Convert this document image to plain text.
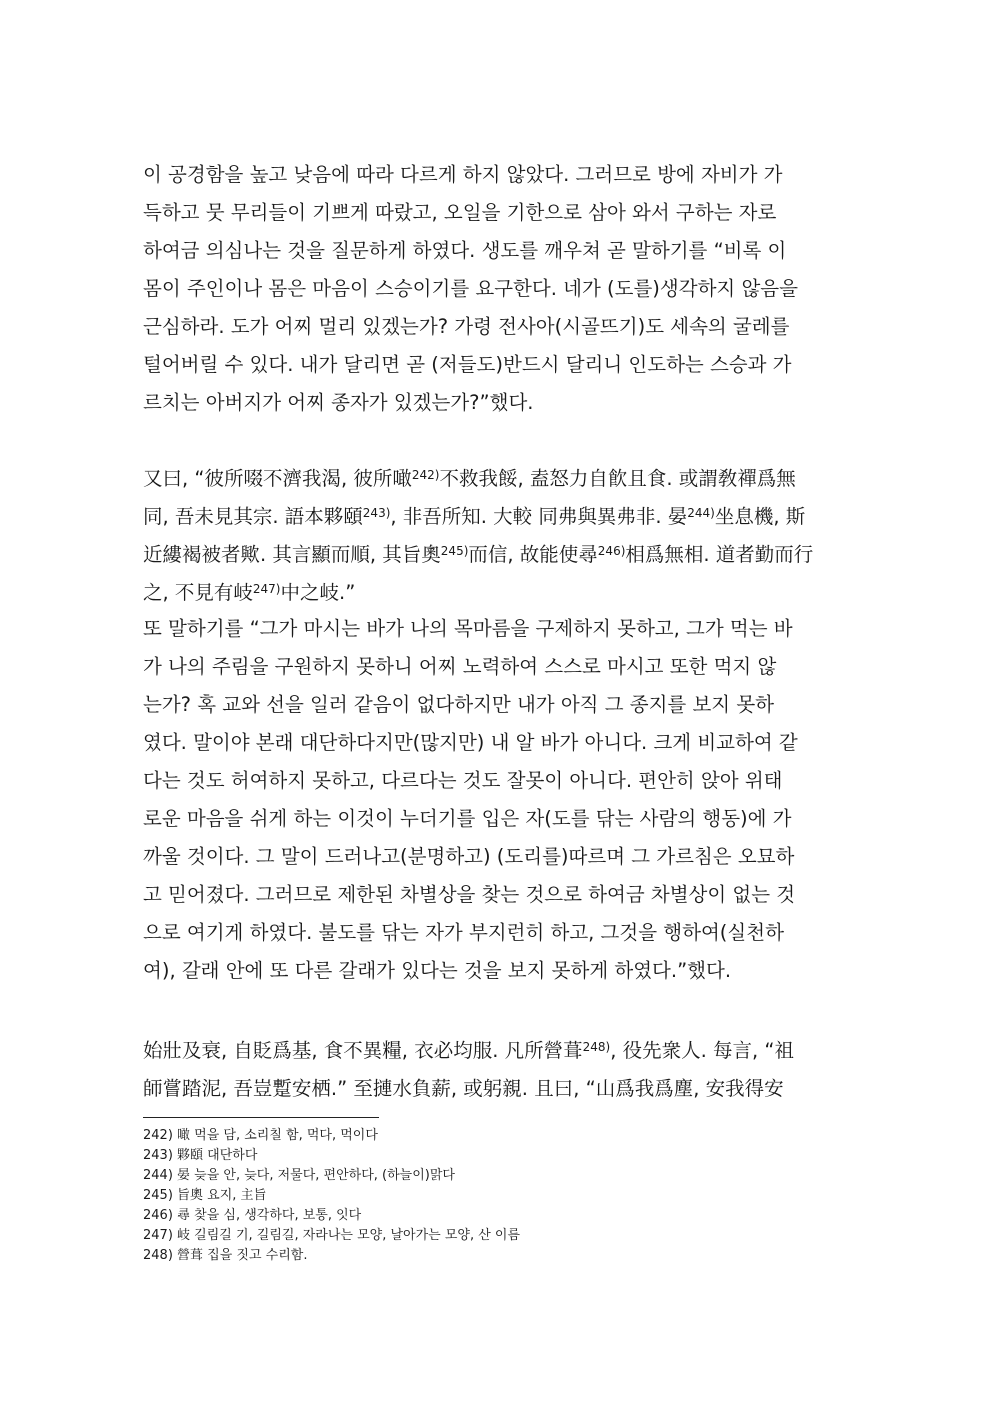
이 공경함을 높고 낮음에 따라 다르게 하지 않았다. 그러므로 방에 자비가 가
득하고 뭇 무리들이 기쁘게 따랐고, 오일을 기한으로 삼아 와서 구하는 자로
하여금 의심나는 것을 질문하게 하였다. 생도를 깨우쳐 곧 말하기를 “비록 이
몸이 주인이나 몸은 마음이 스승이기를 요구한다. 네가 (도를)생각하지 않음을
근심하라. 도가 어찌 멀리 있겠는가? 가령 전사아(시골뜨기)도 세속의 굴레를
털어버릴 수 있다. 내가 달리면 곧 (저들도)반드시 달리니 인도하는 스승과 가
르치는 아버지가 어찌 종자가 있겠는가?”했다.
又曰, “彼所啜不濟我渴, 彼所噉$^{242)}$不救我餒, 盍怒力自飮且食. 或謂敎禪爲無
同, 吾未見其宗. 語本夥頤$^{243)}$, 非吾所知. 大較 同弗與異弗非. 晏$^{244)}$坐息機, 斯
近縷褐被者歟. 其言顯而順, 其旨奧$^{245)}$而信, 故能使尋$^{246)}$相爲無相. 道者勤而行
之, 不見有岐$^{247)}$中之岐.”
또 말하기를 “그가 마시는 바가 나의 목마름을 구제하지 못하고, 그가 먹는 바
가 나의 주림을 구원하지 못하니 어찌 노력하여 스스로 마시고 또한 먹지 않
는가? 혹 교와 선을 일러 같음이 없다하지만 내가 아직 그 종지를 보지 못하
였다. 말이야 본래 대단하다지만(많지만) 내 알 바가 아니다. 크게 비교하여 같
다는 것도 허여하지 못하고, 다르다는 것도 잘못이 아니다. 편안히 앉아 위태
로운 마음을 쉬게 하는 이것이 누더기를 입은 자(도를 닦는 사람의 행동)에 가
까울 것이다. 그 말이 드러나고(분명하고) (도리를)따르며 그 가르침은 오묘하
고 믿어졌다. 그러므로 제한된 차별상을 찾는 것으로 하여금 차별상이 없는 것
으로 여기게 하였다. 불도를 닦는 자가 부지런히 하고, 그것을 행하여(실천하
여), 갈래 안에 또 다른 갈래가 있다는 것을 보지 못하게 하였다.”했다.
始壯及衰, 自貶爲基, 食不異糧, 衣必均服. 凡所營葺$^{248)}$, 役先衆人. 每言, “祖
師嘗踏泥, 吾豈蹔安栖.” 至摙水負薪, 或躬親. 且曰, “山爲我爲塵, 安我得安
242) 噉 먹을 담, 소리칠 함, 먹다, 먹이다
243) 夥頤 대단하다
244) 晏 늦을 안, 늦다, 저물다, 편안하다, (하늘이)맑다
245) 旨奧 요지, 主旨
246) 尋 찾을 심, 생각하다, 보통, 잇다
247) 岐 길림길 기, 길림길, 자라나는 모양, 날아가는 모양, 산 이름
248) 營葺 집을 짓고 수리함.
